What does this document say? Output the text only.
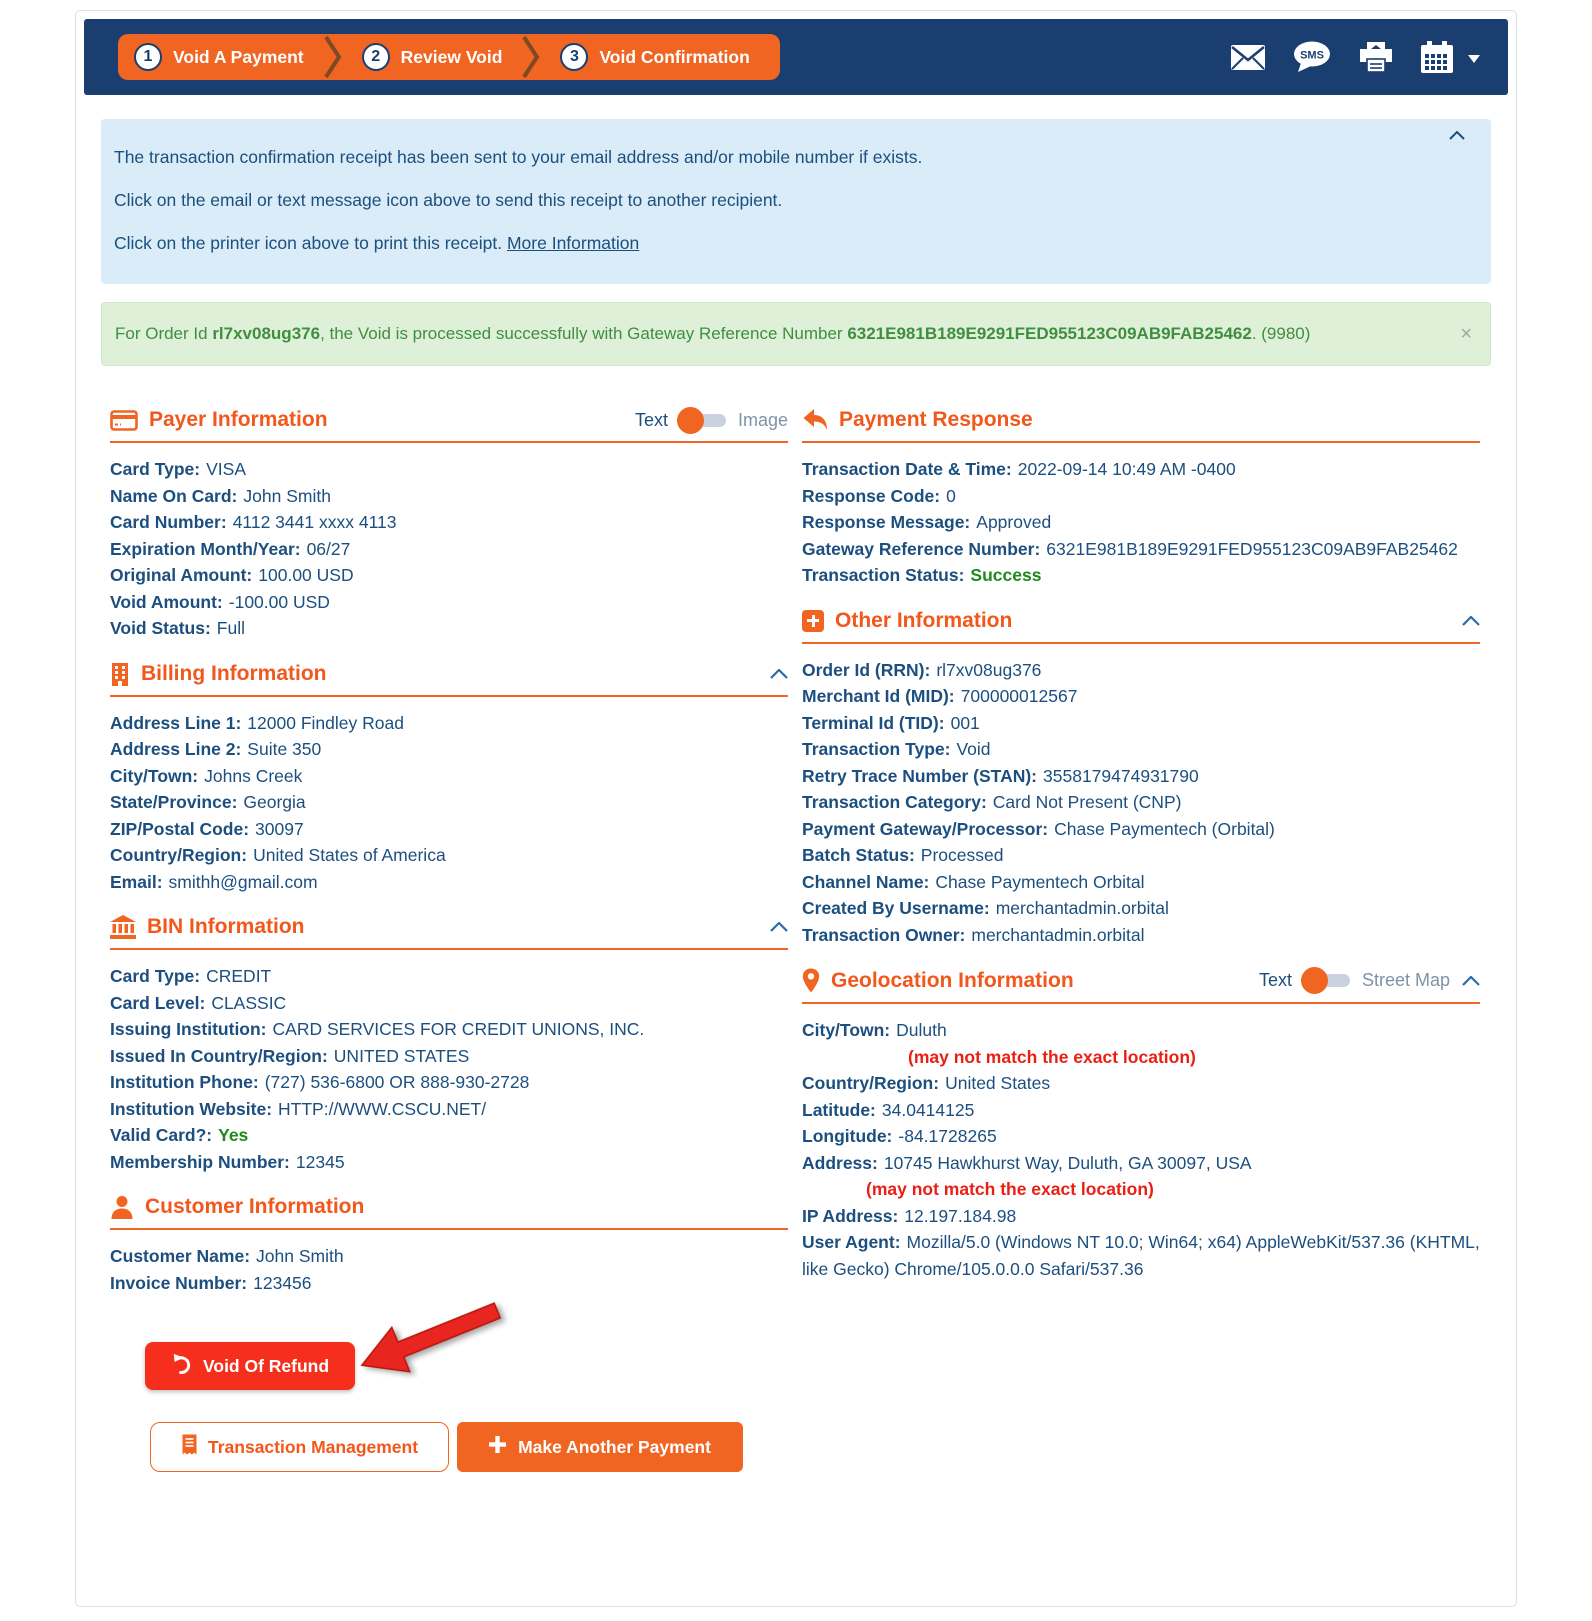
1	Void A Payment	2	Review Void	3	Void Confirmation	SMS

The transaction confirmation receipt has been sent to your email address and/or mobile number if exists.

Click on the email or text message icon above to send this receipt to another recipient.

Click on the printer icon above to print this receipt. More Information

For Order Id rl7xv08ug376, the Void is processed successfully with Gateway Reference Number 6321E981B189E9291FED955123C09AB9FAB25462. (9980)	×
Payer Information	Text	Image
Card Type: VISA
Name On Card: John Smith
Card Number: 4112 3441 xxxx 4113
Expiration Month/Year: 06/27
Original Amount: 100.00 USD
Void Amount: -100.00 USD
Void Status: Full
Billing Information
Address Line 1: 12000 Findley Road
Address Line 2: Suite 350
City/Town: Johns Creek
State/Province: Georgia
ZIP/Postal Code: 30097
Country/Region: United States of America
Email: smithh@gmail.com
BIN Information
Card Type: CREDIT
Card Level: CLASSIC
Issuing Institution: CARD SERVICES FOR CREDIT UNIONS, INC.
Issued In Country/Region: UNITED STATES
Institution Phone: (727) 536-6800 OR 888-930-2728
Institution Website: HTTP://WWW.CSCU.NET/
Valid Card?: Yes
Membership Number: 12345
Customer Information
Customer Name: John Smith
Invoice Number: 123456
Void Of Refund
Transaction Management	Make Another Payment
Payment Response
Transaction Date & Time: 2022-09-14 10:49 AM -0400
Response Code: 0
Response Message: Approved
Gateway Reference Number: 6321E981B189E9291FED955123C09AB9FAB25462
Transaction Status: Success
Other Information
Order Id (RRN): rl7xv08ug376
Merchant Id (MID): 700000012567
Terminal Id (TID): 001
Transaction Type: Void
Retry Trace Number (STAN): 3558179474931790
Transaction Category: Card Not Present (CNP)
Payment Gateway/Processor: Chase Paymentech (Orbital)
Batch Status: Processed
Channel Name: Chase Paymentech Orbital
Created By Username: merchantadmin.orbital
Transaction Owner: merchantadmin.orbital
Geolocation Information	Text	Street Map
City/Town: Duluth
(may not match the exact location)
Country/Region: United States
Latitude: 34.0414125
Longitude: -84.1728265
Address: 10745 Hawkhurst Way, Duluth, GA 30097, USA
(may not match the exact location)
IP Address: 12.197.184.98
User Agent: Mozilla/5.0 (Windows NT 10.0; Win64; x64) AppleWebKit/537.36 (KHTML, like Gecko) Chrome/105.0.0.0 Safari/537.36
